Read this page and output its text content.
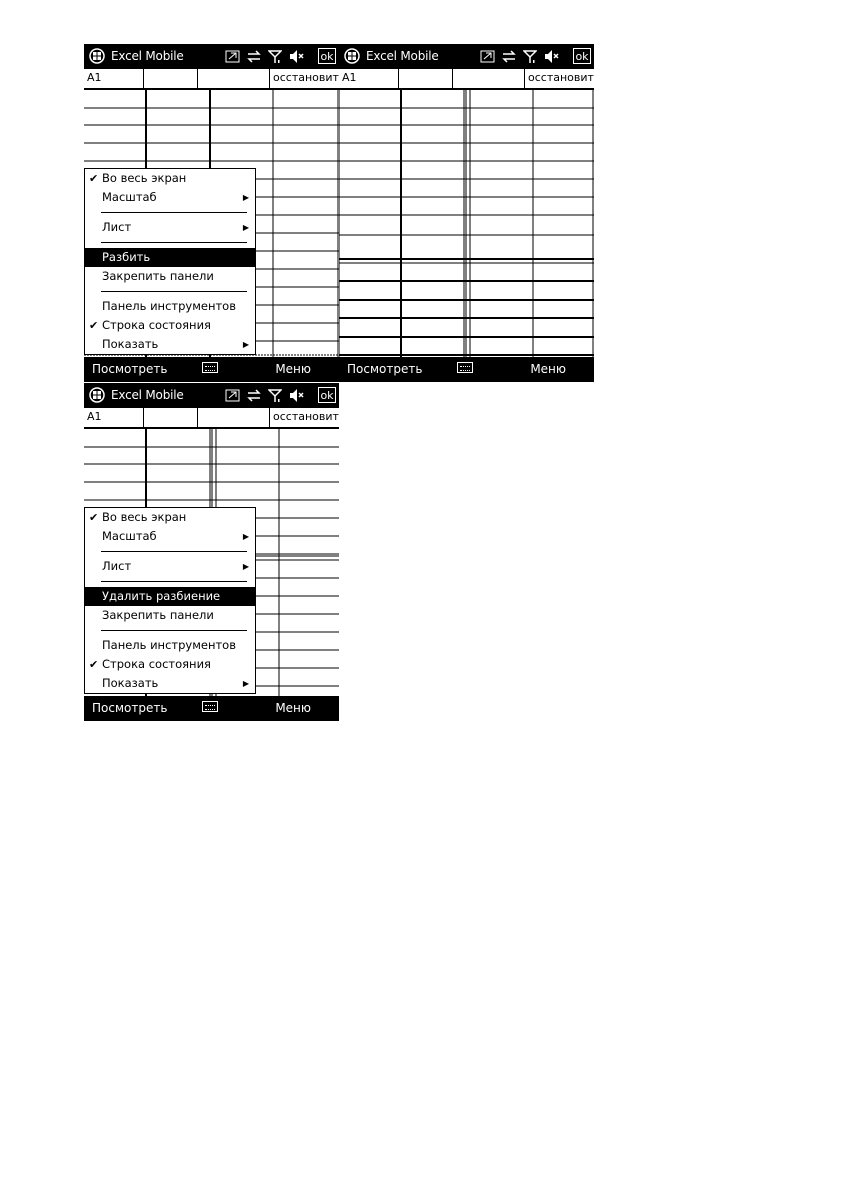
Excel Mobile	ok
A1	осстановит
✔ Во весь экран
Масштаб	▶
Лист	▶
Разбить
Закрепить панели
Панель инструментов
✔ Строка состояния
Показать	▶
Посмотреть	Меню
Excel Mobile	ok
A1	осстановит
Посмотреть	Меню
Excel Mobile	ok
A1	осстановит
✔ Во весь экран
Масштаб	▶
Лист	▶
Удалить разбиение
Закрепить панели
Панель инструментов
✔ Строка состояния
Показать	▶
Посмотреть	Меню
